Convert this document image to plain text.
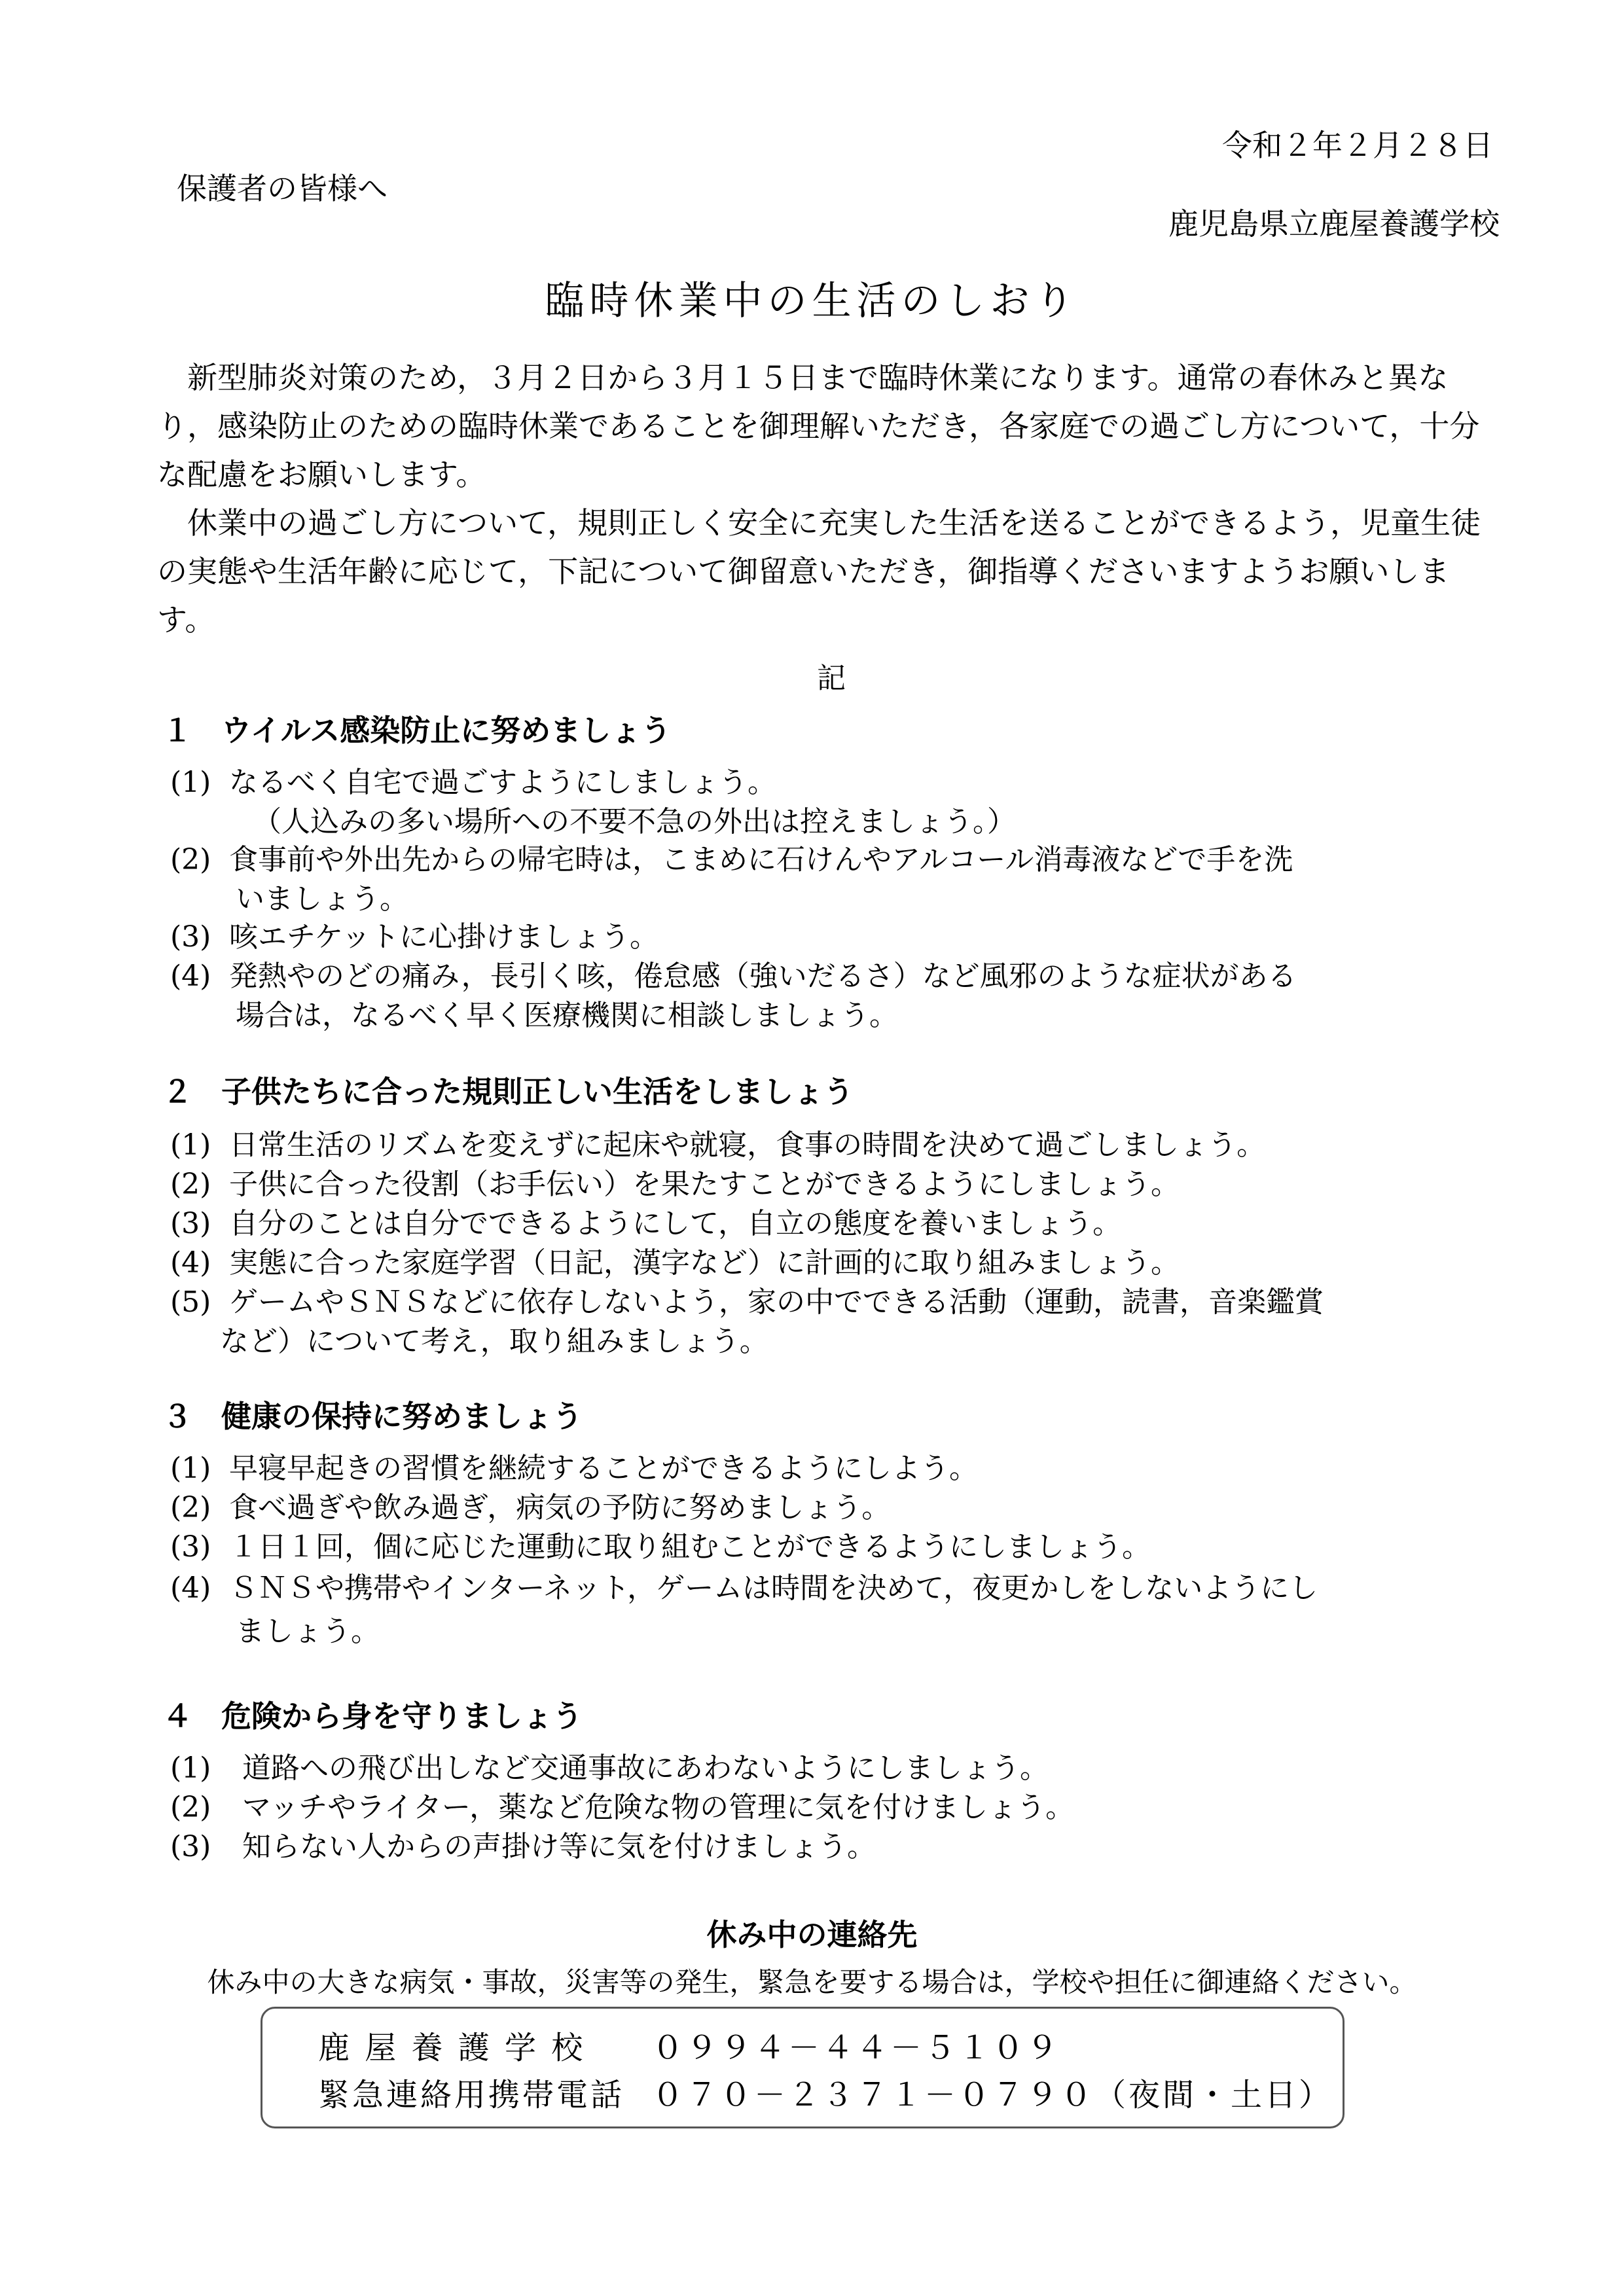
令和２年２月２８日
保護者の皆様へ
鹿児島県立鹿屋養護学校
臨時休業中の生活のしおり

新型肺炎対策のため，３月２日から３月１５日まで臨時休業になります。通常の春休みと異なり，感染防止のための臨時休業であることを御理解いただき，各家庭での過ごし方について，十分な配慮をお願いします。

休業中の過ごし方について，規則正しく安全に充実した生活を送ることができるよう，児童生徒の実態や生活年齢に応じて，下記について御留意いただき，御指導くださいますようお願いします。

記
１ ウイルス感染防止に努めましょう
(1) なるべく自宅で過ごすようにしましょう。
（人込みの多い場所への不要不急の外出は控えましょう。）
(2) 食事前や外出先からの帰宅時は，こまめに石けんやアルコール消毒液などで手を洗
いましょう。
(3) 咳エチケットに心掛けましょう。
(4) 発熱やのどの痛み，長引く咳，倦怠感（強いだるさ）など風邪のような症状がある
場合は，なるべく早く医療機関に相談しましょう。
２ 子供たちに合った規則正しい生活をしましょう
(1) 日常生活のリズムを変えずに起床や就寝，食事の時間を決めて過ごしましょう。
(2) 子供に合った役割（お手伝い）を果たすことができるようにしましょう。
(3) 自分のことは自分でできるようにして，自立の態度を養いましょう。
(4) 実態に合った家庭学習（日記，漢字など）に計画的に取り組みましょう。
(5) ゲームやＳＮＳなどに依存しないよう，家の中でできる活動（運動，読書，音楽鑑賞
など）について考え，取り組みましょう。
３ 健康の保持に努めましょう
(1) 早寝早起きの習慣を継続することができるようにしよう。
(2) 食べ過ぎや飲み過ぎ，病気の予防に努めましょう。
(3) １日１回，個に応じた運動に取り組むことができるようにしましょう。
(4) ＳＮＳや携帯やインターネット，ゲームは時間を決めて，夜更かしをしないようにし
ましょう。
４ 危険から身を守りましょう
(1) 道路への飛び出しなど交通事故にあわないようにしましょう。
(2) マッチやライター，薬など危険な物の管理に気を付けましょう。
(3) 知らない人からの声掛け等に気を付けましょう。
休み中の連絡先
休み中の大きな病気・事故，災害等の発生，緊急を要する場合は，学校や担任に御連絡ください。
鹿 屋 養 護 学 校 ０９９４－４４－５１０９
緊急連絡用携帯電話 ０７０－２３７１－０７９０（夜間・土日）
